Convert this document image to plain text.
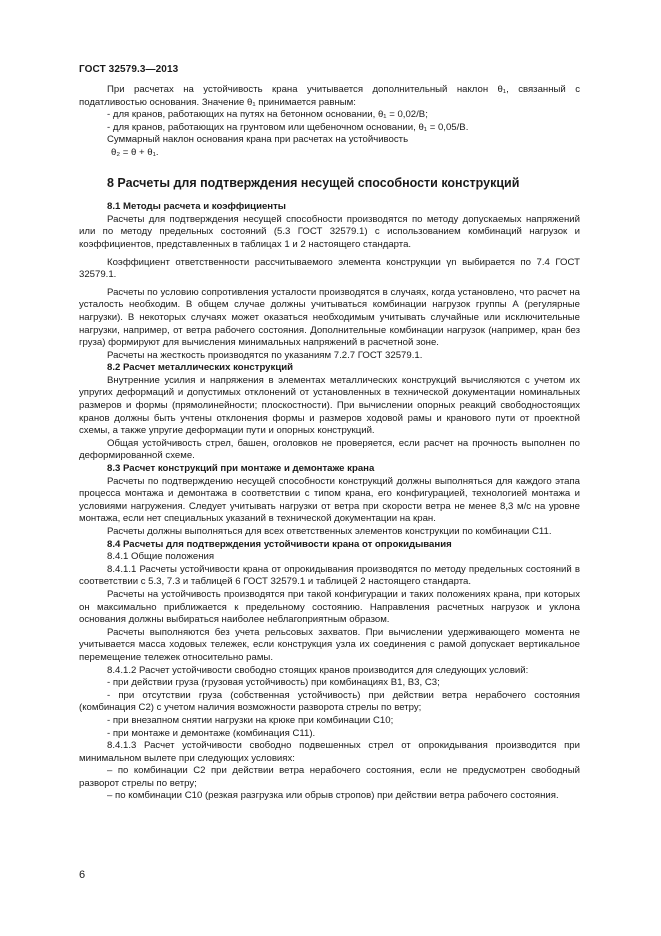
ГОСТ 32579.3—2013

При расчетах на устойчивость крана учитывается дополнительный наклон θ₁, связанный с податливостью основания. Значение θ₁ принимается равным:

- для кранов, работающих на путях на бетонном основании, θ₁ = 0,02/B;

- для кранов, работающих на грунтовом или щебеночном основании, θ₁ = 0,05/B.

Суммарный наклон основания крана при расчетах на устойчивость

θ₂ = θ + θ₁.

8 Расчеты для подтверждения несущей способности конструкций

8.1 Методы расчета и коэффициенты

Расчеты для подтверждения несущей способности производятся по методу допускаемых напряжений или по методу предельных состояний (5.3 ГОСТ 32579.1) с использованием комбинаций нагрузок и коэффициентов, представленных в таблицах 1 и 2 настоящего стандарта.

Коэффициент ответственности рассчитываемого элемента конструкции γn выбирается по 7.4 ГОСТ 32579.1.

Расчеты по условию сопротивления усталости производятся в случаях, когда установлено, что расчет на усталость необходим. В общем случае должны учитываться комбинации нагрузок группы А (регулярные нагрузки). В некоторых случаях может оказаться необходимым учитывать случайные или исключительные нагрузки, например, от ветра рабочего состояния. Дополнительные комбинации нагрузок (например, кран без груза) формируют для вычисления минимальных напряжений в расчетной зоне.

Расчеты на жесткость производятся по указаниям 7.2.7 ГОСТ 32579.1.

8.2 Расчет металлических конструкций

Внутренние усилия и напряжения в элементах металлических конструкций вычисляются с учетом их упругих деформаций и допустимых отклонений от установленных в технической документации номинальных размеров и формы (прямолинейности; плоскостности). При вычислении опорных реакций свободностоящих кранов должны быть учтены отклонения формы и размеров ходовой рамы и кранового пути от проектной схемы, а также упругие деформации пути и опорных конструкций.

Общая устойчивость стрел, башен, оголовков не проверяется, если расчет на прочность выполнен по деформированной схеме.

8.3 Расчет конструкций при монтаже и демонтаже крана

Расчеты по подтверждению несущей способности конструкций должны выполняться для каждого этапа процесса монтажа и демонтажа в соответствии с типом крана, его конфигурацией, технологией монтажа и условиями нагружения. Следует учитывать нагрузки от ветра при скорости ветра не менее 8,3 м/с на уровне монтажа, если нет специальных указаний в технической документации на кран.

Расчеты должны выполняться для всех ответственных элементов конструкции по комбинации С11.

8.4 Расчеты для подтверждения устойчивости крана от опрокидывания

8.4.1 Общие положения

8.4.1.1 Расчеты устойчивости крана от опрокидывания производятся по методу предельных состояний в соответствии с 5.3, 7.3 и таблицей 6 ГОСТ 32579.1 и таблицей 2 настоящего стандарта.

Расчеты на устойчивость производятся при такой конфигурации и таких положениях крана, при которых он максимально приближается к предельному состоянию. Направления расчетных нагрузок и уклона основания должны выбираться наиболее неблагоприятным образом.

Расчеты выполняются без учета рельсовых захватов. При вычислении удерживающего момента не учитывается масса ходовых тележек, если конструкция узла их соединения с рамой допускает вертикальное перемещение тележек относительно рамы.

8.4.1.2 Расчет устойчивости свободно стоящих кранов производится для следующих условий:

- при действии груза (грузовая устойчивость) при комбинациях В1, В3, С3;

- при отсутствии груза (собственная устойчивость) при действии ветра нерабочего состояния (комбинация С2) с учетом наличия возможности разворота стрелы по ветру;

- при внезапном снятии нагрузки на крюке при комбинации С10;

- при монтаже и демонтаже (комбинация С11).

8.4.1.3 Расчет устойчивости свободно подвешенных стрел от опрокидывания производится при минимальном вылете при следующих условиях:

– по комбинации С2 при действии ветра нерабочего состояния, если не предусмотрен свободный разворот стрелы по ветру;

– по комбинации С10 (резкая разгрузка или обрыв стропов) при действии ветра рабочего состояния.

6
